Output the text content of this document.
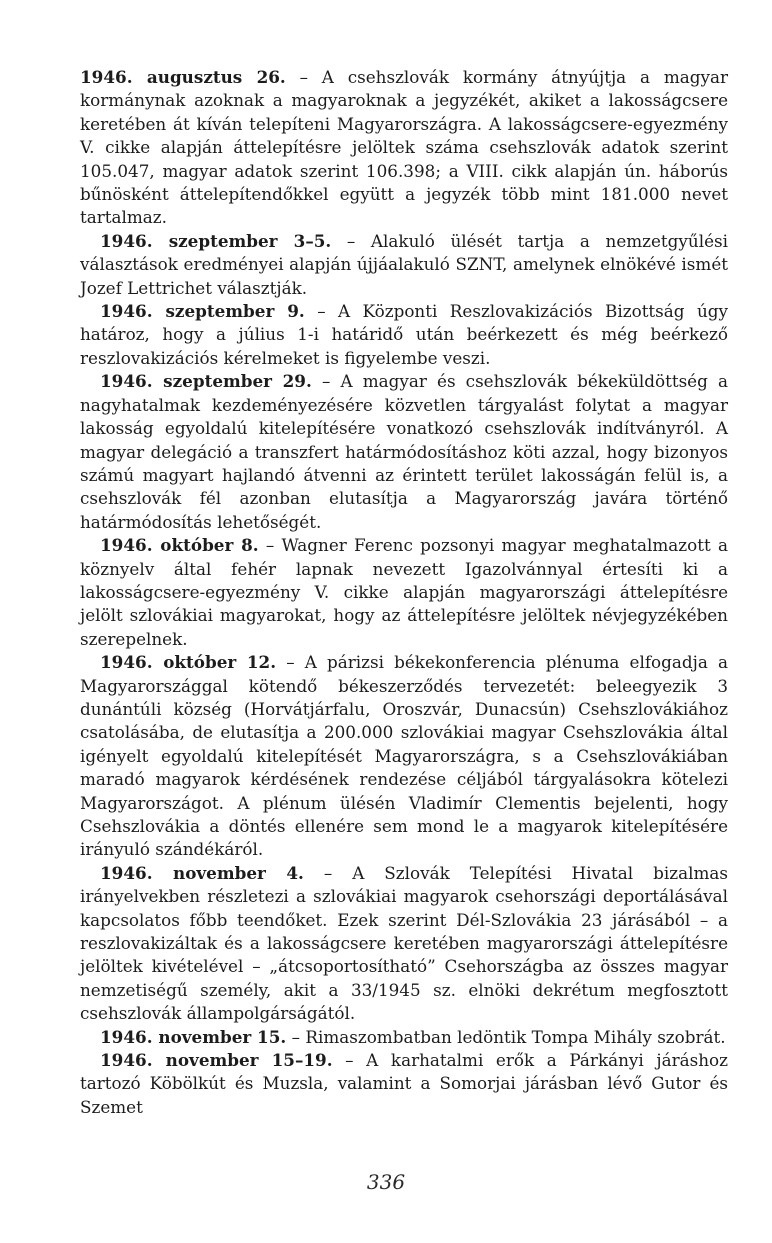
1946. augusztus 26. – A csehszlovák kormány átnyújtja a magyar kormánynak azoknak a magyaroknak a jegyzékét, akiket a lakosságcsere keretében át kíván telepíteni Magyarországra. A lakosságcsere-egyezmény V. cikke alapján áttelepítésre jelöltek száma csehszlovák adatok szerint 105.047, magyar adatok szerint 106.398; a VIII. cikk alapján ún. háborús bűnösként áttelepítendőkkel együtt a jegyzék több mint 181.000 nevet tartalmaz.

1946. szeptember 3–5. – Alakuló ülését tartja a nemzetgyűlési választások eredményei alapján újjáalakuló SZNT, amelynek elnökévé ismét Jozef Lettrichet választják.

1946. szeptember 9. – A Központi Reszlovakizációs Bizottság úgy határoz, hogy a július 1-i határidő után beérkezett és még beérkező reszlovakizációs kérelmeket is figyelembe veszi.

1946. szeptember 29. – A magyar és csehszlovák békeküldöttség a nagyhatalmak kezdeményezésére közvetlen tárgyalást folytat a magyar lakosság egyoldalú kitelepítésére vonatkozó csehszlovák indítványról. A magyar delegáció a transzfert határmódosításhoz köti azzal, hogy bizonyos számú magyart hajlandó átvenni az érintett terület lakosságán felül is, a csehszlovák fél azonban elutasítja a Magyarország javára történő határmódosítás lehetőségét.

1946. október 8. – Wagner Ferenc pozsonyi magyar meghatalmazott a köznyelv által fehér lapnak nevezett Igazolvánnyal értesíti ki a lakosságcsere-egyezmény V. cikke alapján magyarországi áttelepítésre jelölt szlovákiai magyarokat, hogy az áttelepítésre jelöltek névjegyzékében szerepelnek.

1946. október 12. – A párizsi békekonferencia plénuma elfogadja a Magyarországgal kötendő békeszerződés tervezetét: beleegyezik 3 dunántúli község (Horvátjárfalu, Oroszvár, Dunacsún) Csehszlovákiához csatolásába, de elutasítja a 200.000 szlovákiai magyar Csehszlovákia által igényelt egyoldalú kitelepítését Magyarországra, s a Csehszlovákiában maradó magyarok kérdésének rendezése céljából tárgyalásokra kötelezi Magyarországot. A plénum ülésén Vladimír Clementis bejelenti, hogy Csehszlovákia a döntés ellenére sem mond le a magyarok kitelepítésére irányuló szándékáról.

1946. november 4. – A Szlovák Telepítési Hivatal bizalmas irányelvekben részletezi a szlovákiai magyarok csehországi deportálásával kapcsolatos főbb teendőket. Ezek szerint Dél-Szlovákia 23 járásából – a reszlovakizáltak és a lakosságcsere keretében magyarországi áttelepítésre jelöltek kivételével – „átcsoportosítható” Csehországba az összes magyar nemzetiségű személy, akit a 33/1945 sz. elnöki dekrétum megfosztott csehszlovák állampolgárságától.

1946. november 15. – Rimaszombatban ledöntik Tompa Mihály szobrát.

1946. november 15–19. – A karhatalmi erők a Párkányi járáshoz tartozó Köbölkút és Muzsla, valamint a Somorjai járásban lévő Gutor és Szemet

336
